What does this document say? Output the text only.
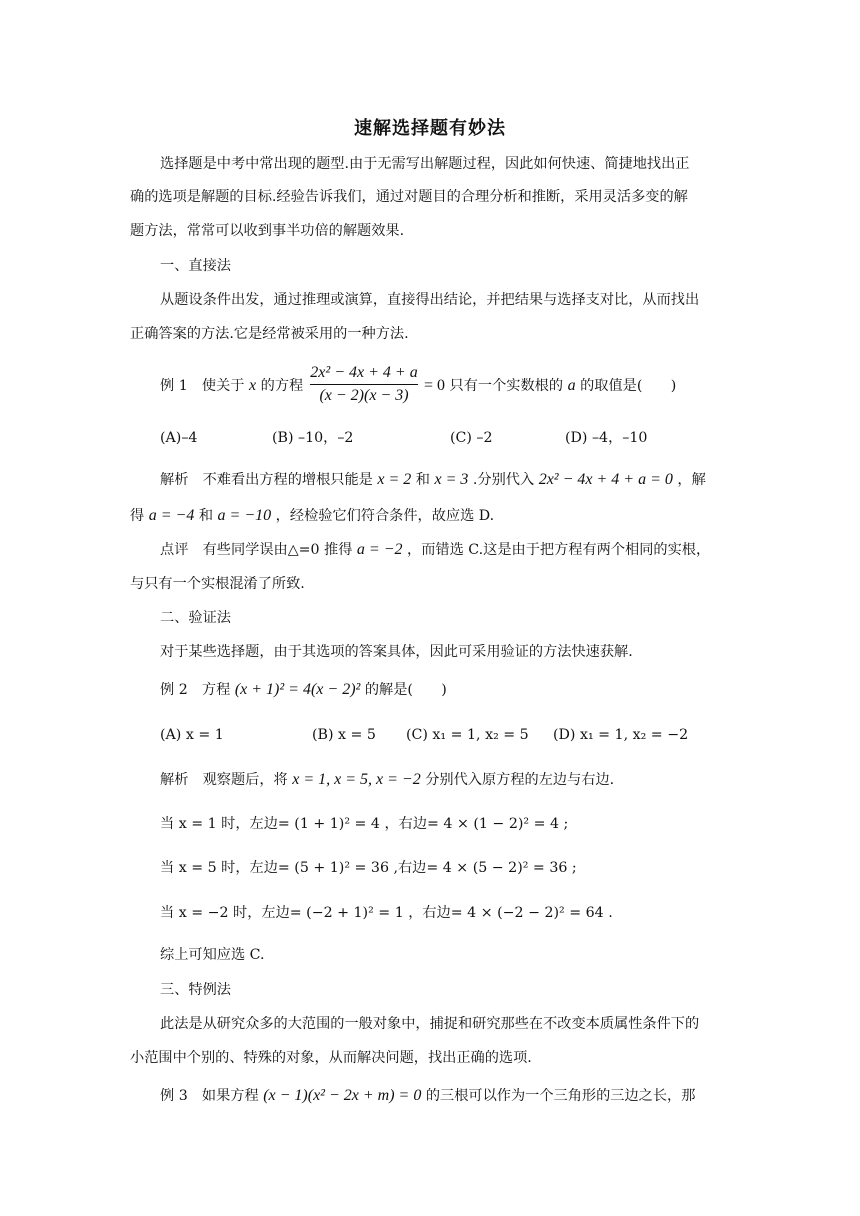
速解选择题有妙法
选择题是中考中常出现的题型.由于无需写出解题过程，因此如何快速、简捷地找出正
确的选项是解题的目标.经验告诉我们，通过对题目的合理分析和推断，采用灵活多变的解
题方法，常常可以收到事半功倍的解题效果.
一、直接法
从题设条件出发，通过推理或演算，直接得出结论，并把结果与选择支对比，从而找出
正确答案的方法.它是经常被采用的一种方法.
例 1　使关于 x 的方程
2x² − 4x + 4 + a
(x − 2)(x − 3)
= 0 只有一个实数根的 a 的取值是(　　)
(A)–4	(B) –10，–2	(C) –2	(D) –4，–10
解析　不难看出方程的增根只能是 x = 2 和 x = 3 .分别代入 2x² − 4x + 4 + a = 0 ，解
得 a = −4 和 a = −10 ，经检验它们符合条件，故应选 D.
点评　有些同学误由△=0 推得 a = −2 ，而错选 C.这是由于把方程有两个相同的实根，
与只有一个实根混淆了所致.
二、验证法
对于某些选择题，由于其选项的答案具体，因此可采用验证的方法快速获解.
例 2　方程 (x + 1)² = 4(x − 2)² 的解是(　　)
(A) x = 1	(B) x = 5 (C) x₁ = 1, x₂ = 5 (D) x₁ = 1, x₂ = −2
解析　观察题后，将 x = 1, x = 5, x = −2 分别代入原方程的左边与右边.
当 x = 1 时，左边= (1 + 1)² = 4 ，右边= 4 × (1 − 2)² = 4 ;
当 x = 5 时，左边= (5 + 1)² = 36 ,右边= 4 × (5 − 2)² = 36 ;
当 x = −2 时，左边= (−2 + 1)² = 1 ，右边= 4 × (−2 − 2)² = 64 .
综上可知应选 C.
三、特例法
此法是从研究众多的大范围的一般对象中，捕捉和研究那些在不改变本质属性条件下的
小范围中个别的、特殊的对象，从而解决问题，找出正确的选项.
例 3　如果方程 (x − 1)(x² − 2x + m) = 0 的三根可以作为一个三角形的三边之长，那
